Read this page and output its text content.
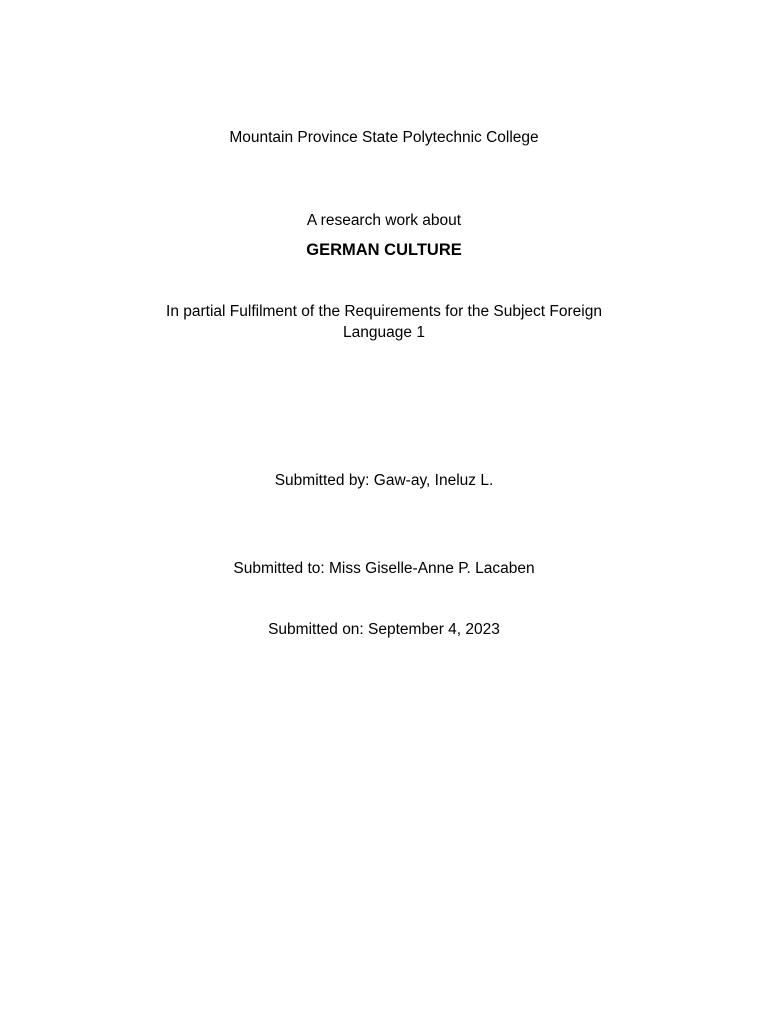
Mountain Province State Polytechnic College
A research work about
GERMAN CULTURE
In partial Fulfilment of the Requirements for the Subject Foreign
Language 1
Submitted by: Gaw-ay, Ineluz L.
Submitted to: Miss Giselle-Anne P. Lacaben
Submitted on: September 4, 2023
